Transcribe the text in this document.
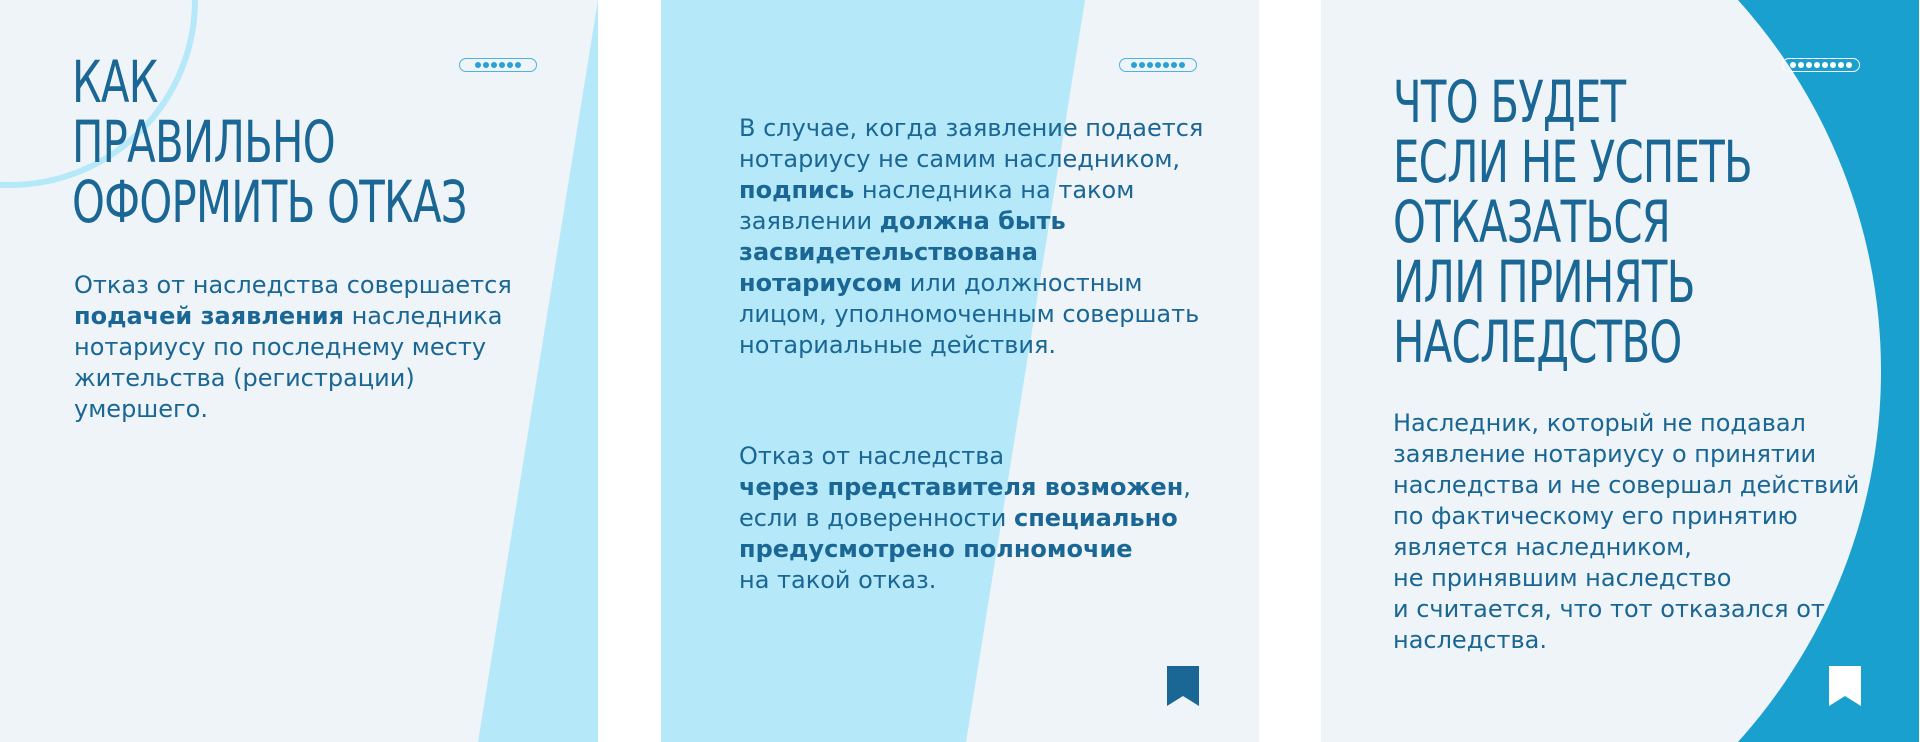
КАК
ПРАВИЛЬНО
ОФОРМИТЬ ОТКАЗ

Отказ от наследства совершается
подачей заявления наследника нотариусу по последнему месту жительства (регистрации) умершего.

В случае, когда заявление подается нотариусу не самим наследником, подпись наследника на таком заявлении должна быть засвидетельствована нотариусом или должностным лицом, уполномоченным совершать нотариальные действия.

Отказ от наследства
через представителя возможен, если в доверенности специально предусмотрено полномочие
на такой отказ.

ЧТО БУДЕТ
ЕСЛИ НЕ УСПЕТЬ
ОТКАЗАТЬСЯ
ИЛИ ПРИНЯТЬ
НАСЛЕДСТВО

Наследник, который не подавал заявление нотариусу о принятии наследства и не совершал действий по фактическому его принятию является наследником,
не принявшим наследство
и считается, что тот отказался от наследства.
